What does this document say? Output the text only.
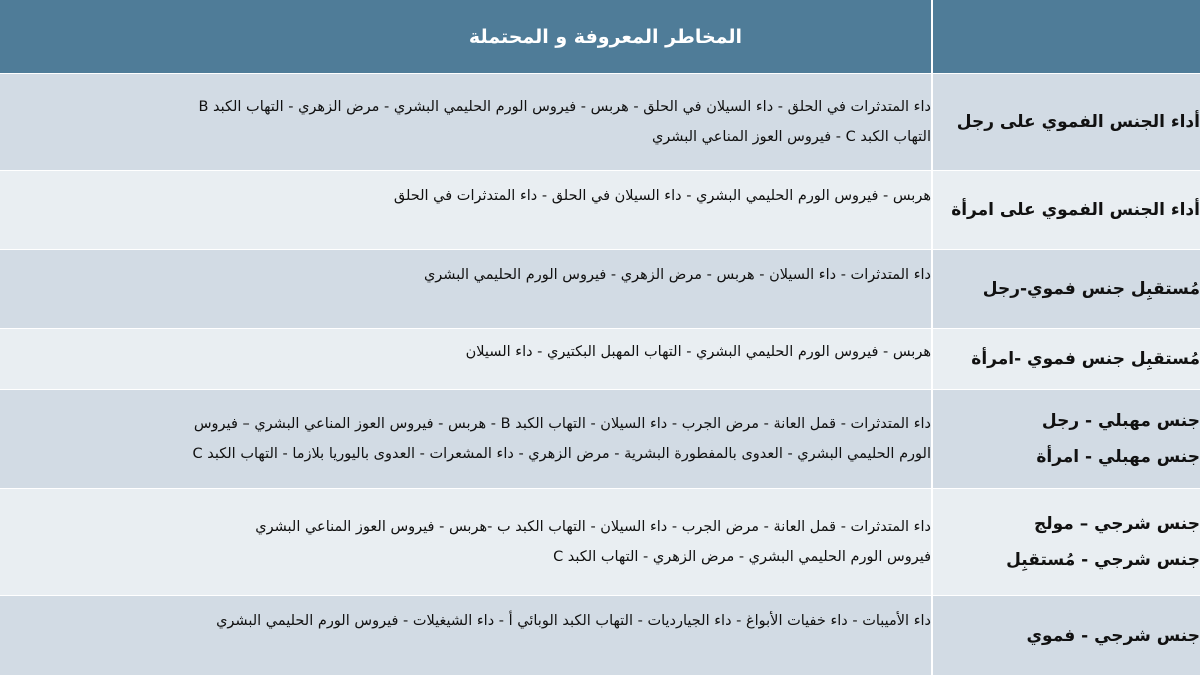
	المخاطر المعروفة و المحتملة

أداء الجنس الفموي على رجل	داء المتدثرات في الحلق - داء السيلان في الحلق - هربس - فيروس الورم الحليمي البشري - مرض الزهري - التهاب الكبد B
التهاب الكبد C - فيروس العوز المناعي البشري

أداء الجنس الفموي على امرأة	هربس - فيروس الورم الحليمي البشري - داء السيلان في الحلق - داء المتدثرات في الحلق

مُستقبِل جنس فموي-رجل	داء المتدثرات - داء السيلان - هربس - مرض الزهري - فيروس الورم الحليمي البشري

مُستقبِل جنس فموي -امرأة	هربس - فيروس الورم الحليمي البشري - التهاب المهبل البكتيري - داء السيلان

جنس مهبلي - رجل
جنس مهبلي - امرأة	داء المتدثرات - قمل العانة - مرض الجرب - داء السيلان - التهاب الكبد B - هربس - فيروس العوز المناعي البشري – فيروس
الورم الحليمي البشري - العدوى بالمفطورة البشرية - مرض الزهري - داء المشعرات - العدوى باليوريا بلازما - التهاب الكبد C

جنس شرجي – مولج
جنس شرجي - مُستقبِل	داء المتدثرات - قمل العانة - مرض الجرب - داء السيلان - التهاب الكبد ب -هربس - فيروس العوز المناعي البشري
فيروس الورم الحليمي البشري - مرض الزهري - التهاب الكبد C

جنس شرجي - فموي	داء الأميبات - داء خفيات الأبواغ - داء الجيارديات - التهاب الكبد الوبائي أ - داء الشيغيلات - فيروس الورم الحليمي البشري
